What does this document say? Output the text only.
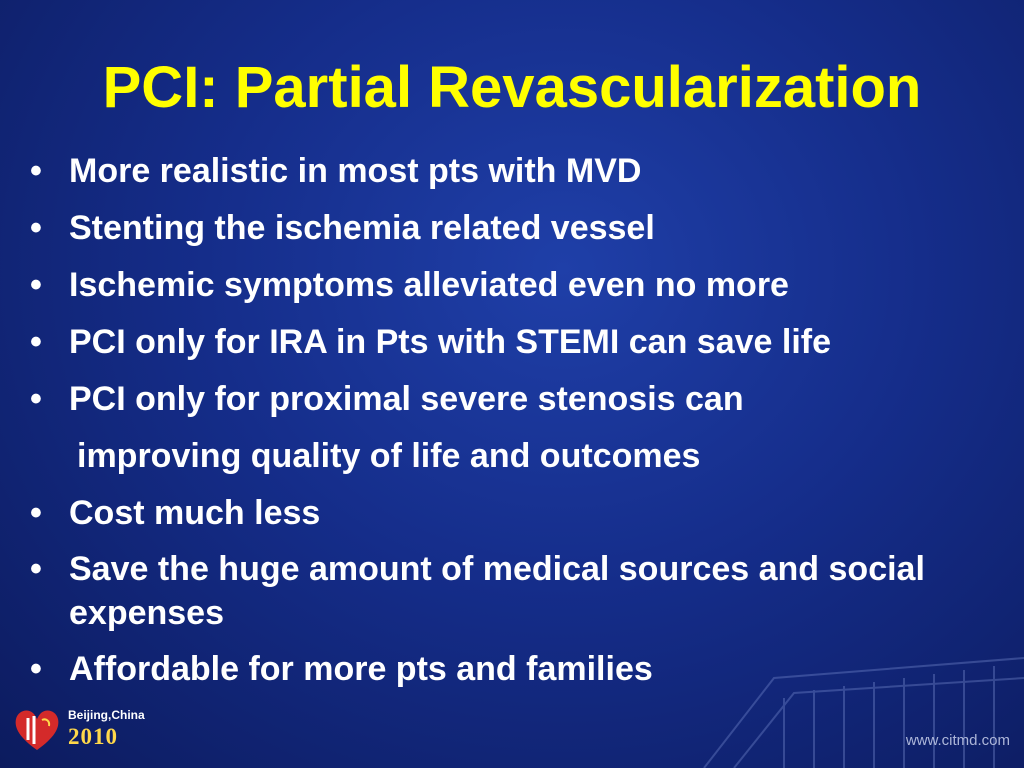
PCI: Partial Revascularization
• More realistic in most pts with MVD
• Stenting the ischemia related vessel
• Ischemic symptoms alleviated even no more
• PCI only for IRA in Pts with STEMI can save life
• PCI only for proximal severe stenosis can
improving quality of life and outcomes
• Cost much less
• Save the huge amount of medical sources and social expenses
• Affordable for more pts and families
Beijing,China
2010	www.citmd.com
